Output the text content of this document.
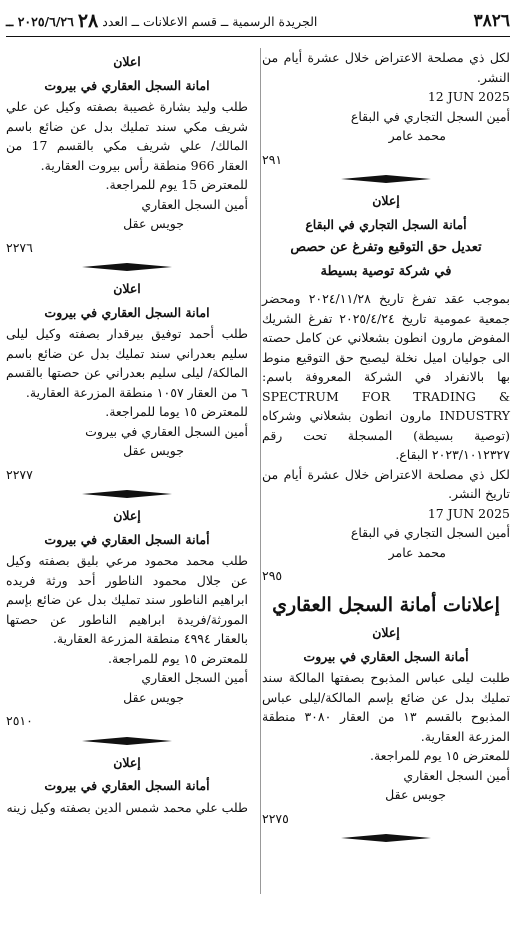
٣٨٢٦
الجريدة الرسمية ــ قسم الاعلانات ــ العدد
٢٨
٢٠٢٥/٦/٢٦ ــ
لكل ذي مصلحة الاعتراض خلال عشرة أيام من النشر.
12 JUN 2025
أمين السجل التجاري في البقاع
محمد عامر
٢٩١
إعلان
أمانة السجل التجاري في البقاع
تعديل حق التوقيع وتفرغ عن حصص
في شركة توصية بسيطة
بموجب عقد تفرغ تاريخ ٢٠٢٤/١١/٢٨ ومحضر جمعية عمومية تاريخ ٢٠٢٥/٤/٢٤ تفرغ الشريك المفوض مارون انطون بشعلاني عن كامل حصته الى جوليان اميل نخلة ليصبح حق التوقيع منوط بها بالانفراد في الشركة المعروفة باسم: SPECTRUM FOR TRADING & INDUSTRY مارون انطون بشعلاني وشركاه (توصية بسيطة) المسجلة تحت رقم ٢٠٢٣/١٠١٢٣٢٧ البقاع.
لكل ذي مصلحة الاعتراض خلال عشرة أيام من تاريخ النشر.
17 JUN 2025
أمين السجل التجاري في البقاع
محمد عامر
٢٩٥
إعلانات أمانة السجل العقاري
إعلان
أمانة السجل العقاري في بيروت
طلبت ليلى عباس المذبوح بصفتها المالكة سند تمليك بدل عن ضائع بإسم المالكة/ليلى عباس المذبوح بالقسم ١٣ من العقار ٣٠٨٠ منطقة المزرعة العقارية.
للمعترض ١٥ يوم للمراجعة.
أمين السجل العقاري
جويس عقل
٢٢٧٥
اعلان
امانة السجل العقاري في بيروت
طلب وليد بشارة غصيبة بصفته وكيل عن علي شريف مكي سند تمليك بدل عن ضائع باسم المالك/ علي شريف مكي بالقسم 17 من العقار 966 منطقة رأس بيروت العقارية.
للمعترض 15 يوم للمراجعة.
أمين السجل العقاري
جويس عقل
٢٢٧٦
اعلان
امانة السجل العقاري في بيروت
طلب أحمد توفيق بيرقدار بصفته وكيل ليلى سليم بعدراني سند تمليك بدل عن ضائع باسم المالكة/ ليلى سليم بعدراني عن حصتها بالقسم ٦ من العقار ١٠٥٧ منطقة المزرعة العقارية.
للمعترض ١٥ يوما للمراجعة.
أمين السجل العقاري في بيروت
جويس عقل
٢٢٧٧
إعلان
أمانة السجل العقاري في بيروت
طلب محمد محمود مرعي بليق بصفته وكيل عن جلال محمود الناطور أحد ورثة فريده ابراهيم الناطور سند تمليك بدل عن ضائع بإسم المورثة/فريدة ابراهيم الناطور عن حصتها بالعقار ٤٩٩٤ منطقة المزرعة العقارية.
للمعترض ١٥ يوم للمراجعة.
أمين السجل العقاري
جويس عقل
٢٥١٠
إعلان
أمانة السجل العقاري في بيروت
طلب علي محمد شمس الدين بصفته وكيل زينه
